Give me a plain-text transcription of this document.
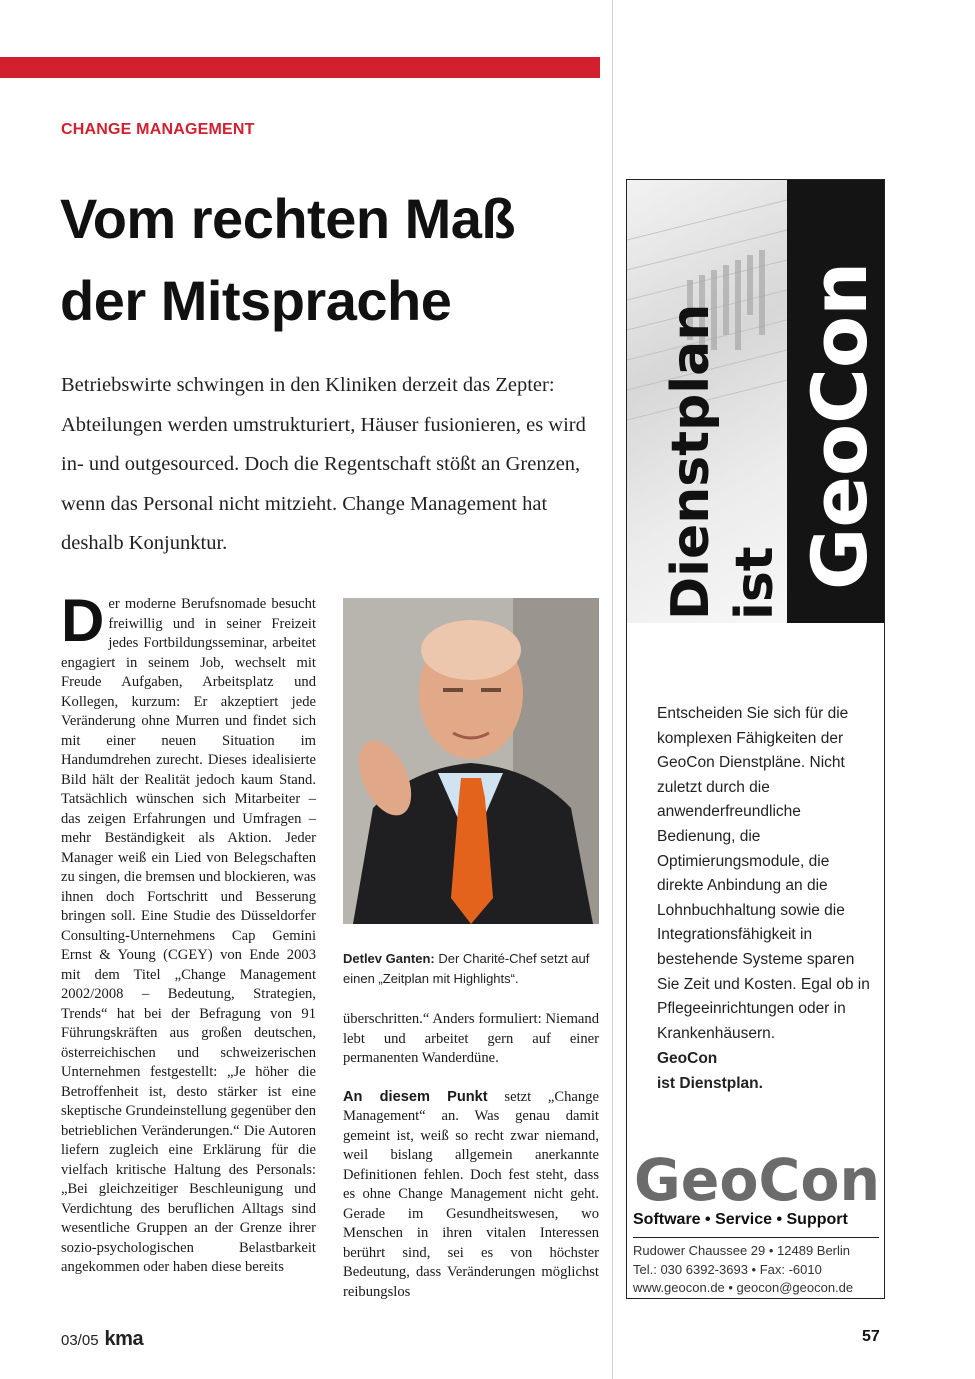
CHANGE MANAGEMENT
Vom rechten Maß
der Mitsprache

Betriebswirte schwingen in den Kliniken derzeit das Zepter: Abteilungen werden umstrukturiert, Häuser fusionieren, es wird in- und outgesourced. Doch die Regentschaft stößt an Grenzen, wenn das Personal nicht mitzieht. Change Management hat deshalb Konjunktur.

Der moderne Berufsnomade besucht freiwillig und in seiner Freizeit jedes Fortbildungsseminar, arbeitet engagiert in seinem Job, wechselt mit Freude Aufgaben, Arbeitsplatz und Kollegen, kurzum: Er akzeptiert jede Veränderung ohne Murren und findet sich mit einer neuen Situation im Handumdrehen zurecht. Dieses idealisierte Bild hält der Realität jedoch kaum Stand. Tatsächlich wünschen sich Mitarbeiter – das zeigen Erfahrungen und Umfragen – mehr Beständigkeit als Aktion. Jeder Manager weiß ein Lied von Belegschaften zu singen, die bremsen und blockieren, was ihnen doch Fortschritt und Besserung bringen soll. Eine Studie des Düsseldorfer Consulting-Unternehmens Cap Gemini Ernst & Young (CGEY) von Ende 2003 mit dem Titel „Change Management 2002/2008 – Bedeutung, Strategien, Trends“ hat bei der Befragung von 91 Führungskräften aus großen deutschen, österreichischen und schweizerischen Unternehmen festgestellt: „Je höher die Betroffenheit ist, desto stärker ist eine skeptische Grundeinstellung gegenüber den betrieblichen Veränderungen.“ Die Autoren liefern zugleich eine Erklärung für die vielfach kritische Haltung des Personals: „Bei gleichzeitiger Beschleunigung und Verdichtung des beruflichen Alltags sind wesentliche Gruppen an der Grenze ihrer sozio-psychologischen Belastbarkeit angekommen oder haben diese bereits

Detlev Ganten: Der Charité-Chef setzt auf einen „Zeitplan mit Highlights“.

überschritten.“ Anders formuliert: Niemand lebt und arbeitet gern auf einer permanenten Wanderdüne.

An diesem Punkt setzt „Change Management“ an. Was genau damit gemeint ist, weiß so recht zwar niemand, weil bislang allgemein anerkannte Definitionen fehlen. Doch fest steht, dass es ohne Change Management nicht geht. Gerade im Gesundheitswesen, wo Menschen in ihren vitalen Interessen berührt sind, sei es von höchster Bedeutung, dass Veränderungen möglichst reibungslos

03/05 kma	57
Dienstplan ist GeoCon

Entscheiden Sie sich für die komplexen Fähigkeiten der GeoCon Dienstpläne. Nicht zuletzt durch die anwenderfreundliche Bedienung, die Optimierungsmodule, die direkte Anbindung an die Lohnbuchhaltung sowie die Integrationsfähigkeit in bestehende Systeme sparen Sie Zeit und Kosten. Egal ob in Pflegeeinrichtungen oder in Krankenhäusern.

GeoCon
ist Dienstplan.

GeoCon
Software • Service • Support
Rudower Chaussee 29 • 12489 Berlin
Tel.: 030 6392-3693 • Fax: -6010
www.geocon.de • geocon@geocon.de
